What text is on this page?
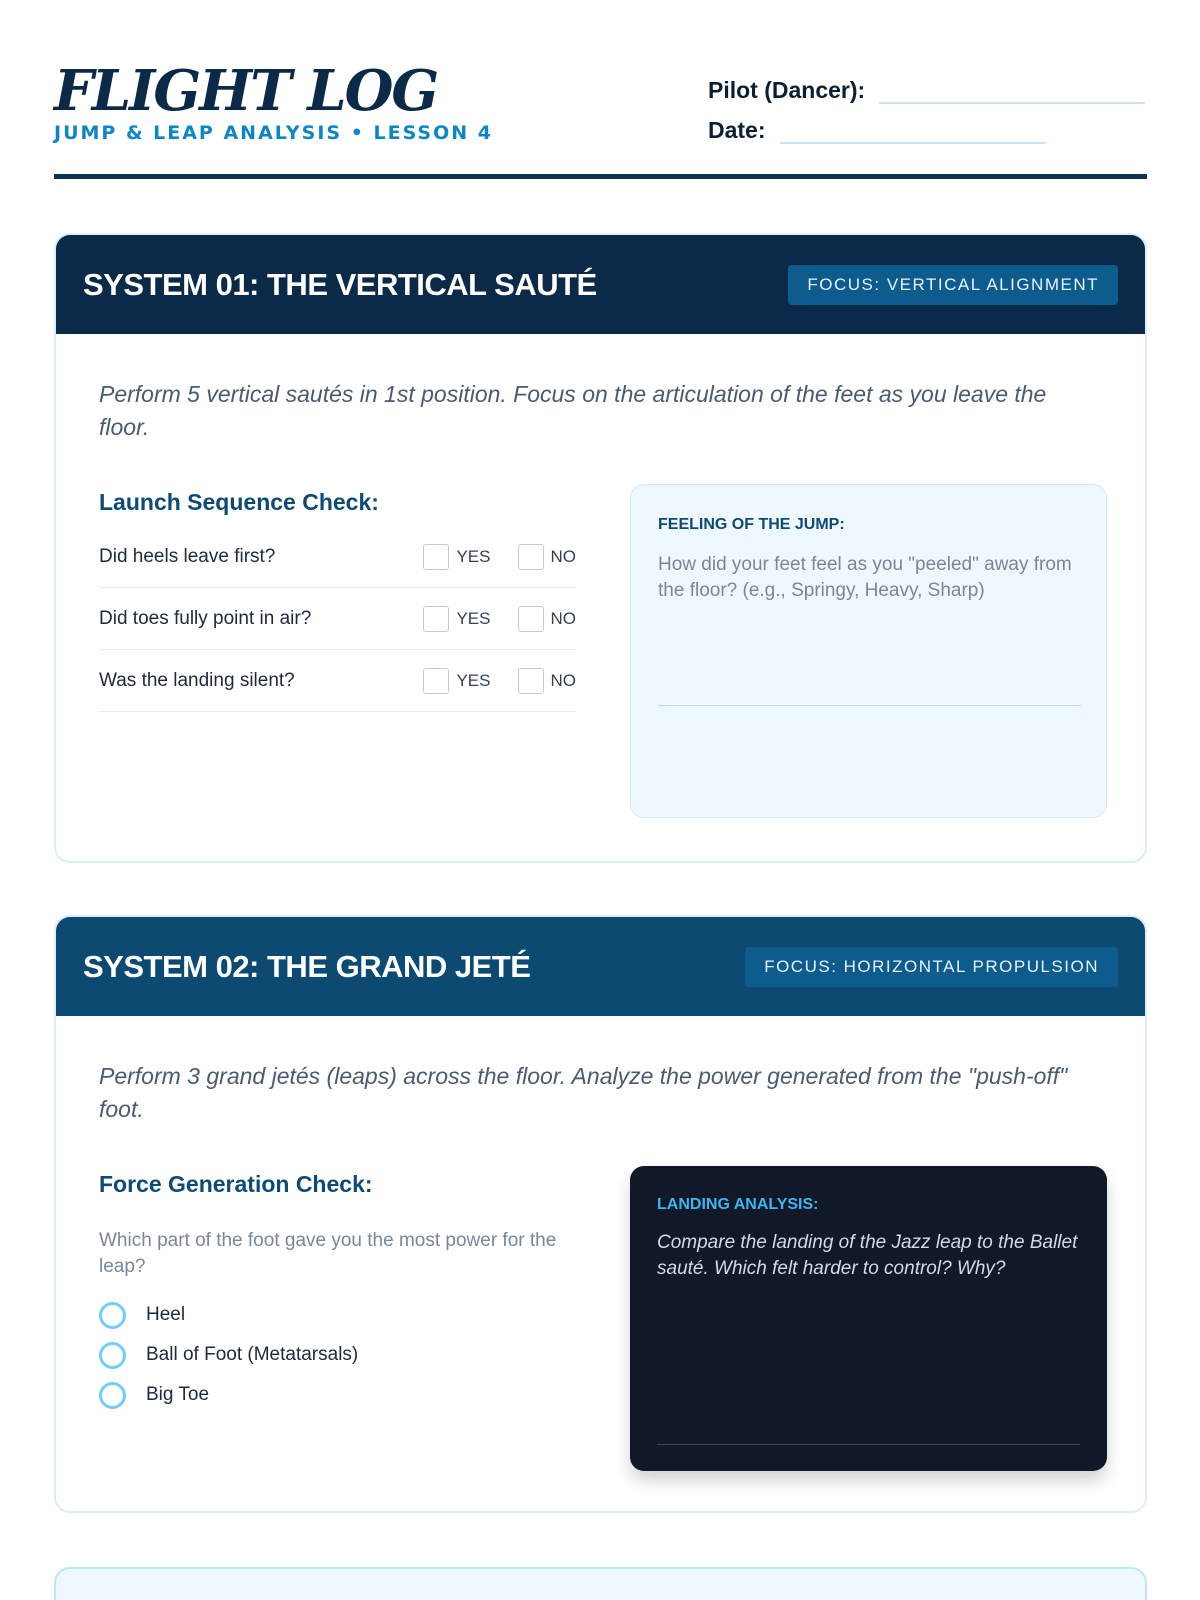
FLIGHT LOG
JUMP & LEAP ANALYSIS • LESSON 4
Pilot (Dancer):
Date:
SYSTEM 01: THE VERTICAL SAUTÉ	FOCUS: VERTICAL ALIGNMENT

Perform 5 vertical sautés in 1st position. Focus on the articulation of the feet as you leave the floor.

Launch Sequence Check:
Did heels leave first?	YES	NO
Did toes fully point in air?	YES	NO
Was the landing silent?	YES	NO
FEELING OF THE JUMP:
How did your feet feel as you "peeled" away from the floor? (e.g., Springy, Heavy, Sharp)
SYSTEM 02: THE GRAND JETÉ	FOCUS: HORIZONTAL PROPULSION

Perform 3 grand jetés (leaps) across the floor. Analyze the power generated from the "push-off" foot.

Force Generation Check:
Which part of the foot gave you the most power for the leap?
Heel
Ball of Foot (Metatarsals)
Big Toe
LANDING ANALYSIS:
Compare the landing of the Jazz leap to the Ballet sauté. Which felt harder to control? Why?
